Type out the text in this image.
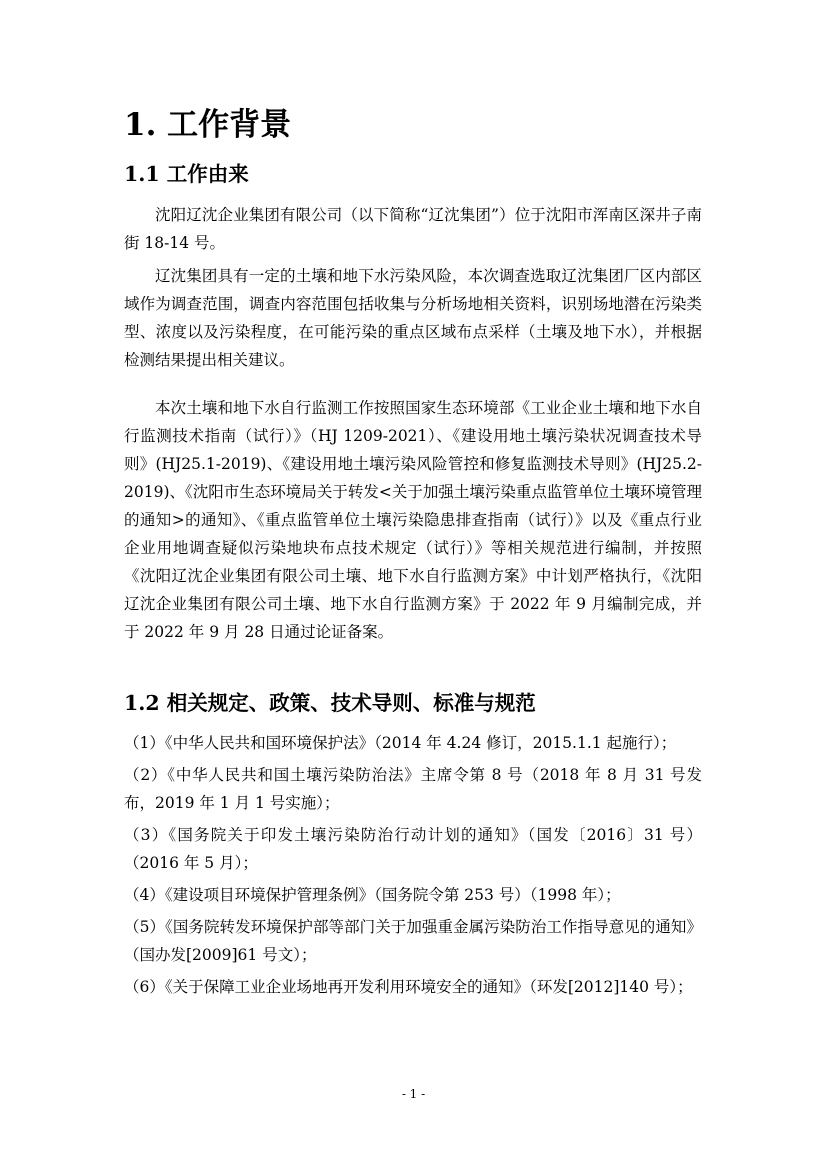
1. 工作背景
1.1 工作由来

沈阳辽沈企业集团有限公司（以下简称“辽沈集团”）位于沈阳市浑南区深井子南街 18-14 号。

辽沈集团具有一定的土壤和地下水污染风险，本次调查选取辽沈集团厂区内部区域作为调查范围，调查内容范围包括收集与分析场地相关资料，识别场地潜在污染类型、浓度以及污染程度，在可能污染的重点区域布点采样（土壤及地下水），并根据检测结果提出相关建议。

本次土壤和地下水自行监测工作按照国家生态环境部《工业企业土壤和地下水自行监测技术指南（试行）》（HJ 1209-2021）、《建设用地土壤污染状况调查技术导则》(HJ25.1-2019)、《建设用地土壤污染风险管控和修复监测技术导则》(HJ25.2-2019)、《沈阳市生态环境局关于转发<关于加强土壤污染重点监管单位土壤环境管理的通知>的通知》、《重点监管单位土壤污染隐患排查指南（试行）》以及《重点行业企业用地调查疑似污染地块布点技术规定（试行）》等相关规范进行编制，并按照《沈阳辽沈企业集团有限公司土壤、地下水自行监测方案》中计划严格执行，《沈阳辽沈企业集团有限公司土壤、地下水自行监测方案》于 2022 年 9 月编制完成，并于 2022 年 9 月 28 日通过论证备案。

1.2 相关规定、政策、技术导则、标准与规范
（1）《中华人民共和国环境保护法》（2014 年 4.24 修订，2015.1.1 起施行）；
（2）《中华人民共和国土壤污染防治法》主席令第 8 号（2018 年 8 月 31 号发布，2019 年 1 月 1 号实施）；
（3）《国务院关于印发土壤污染防治行动计划的通知》（国发〔2016〕31 号）（2016 年 5 月）；
（4）《建设项目环境保护管理条例》（国务院令第 253 号）（1998 年）；
（5）《国务院转发环境保护部等部门关于加强重金属污染防治工作指导意见的通知》（国办发[2009]61 号文）；
（6）《关于保障工业企业场地再开发利用环境安全的通知》（环发[2012]140 号）；
- 1 -
